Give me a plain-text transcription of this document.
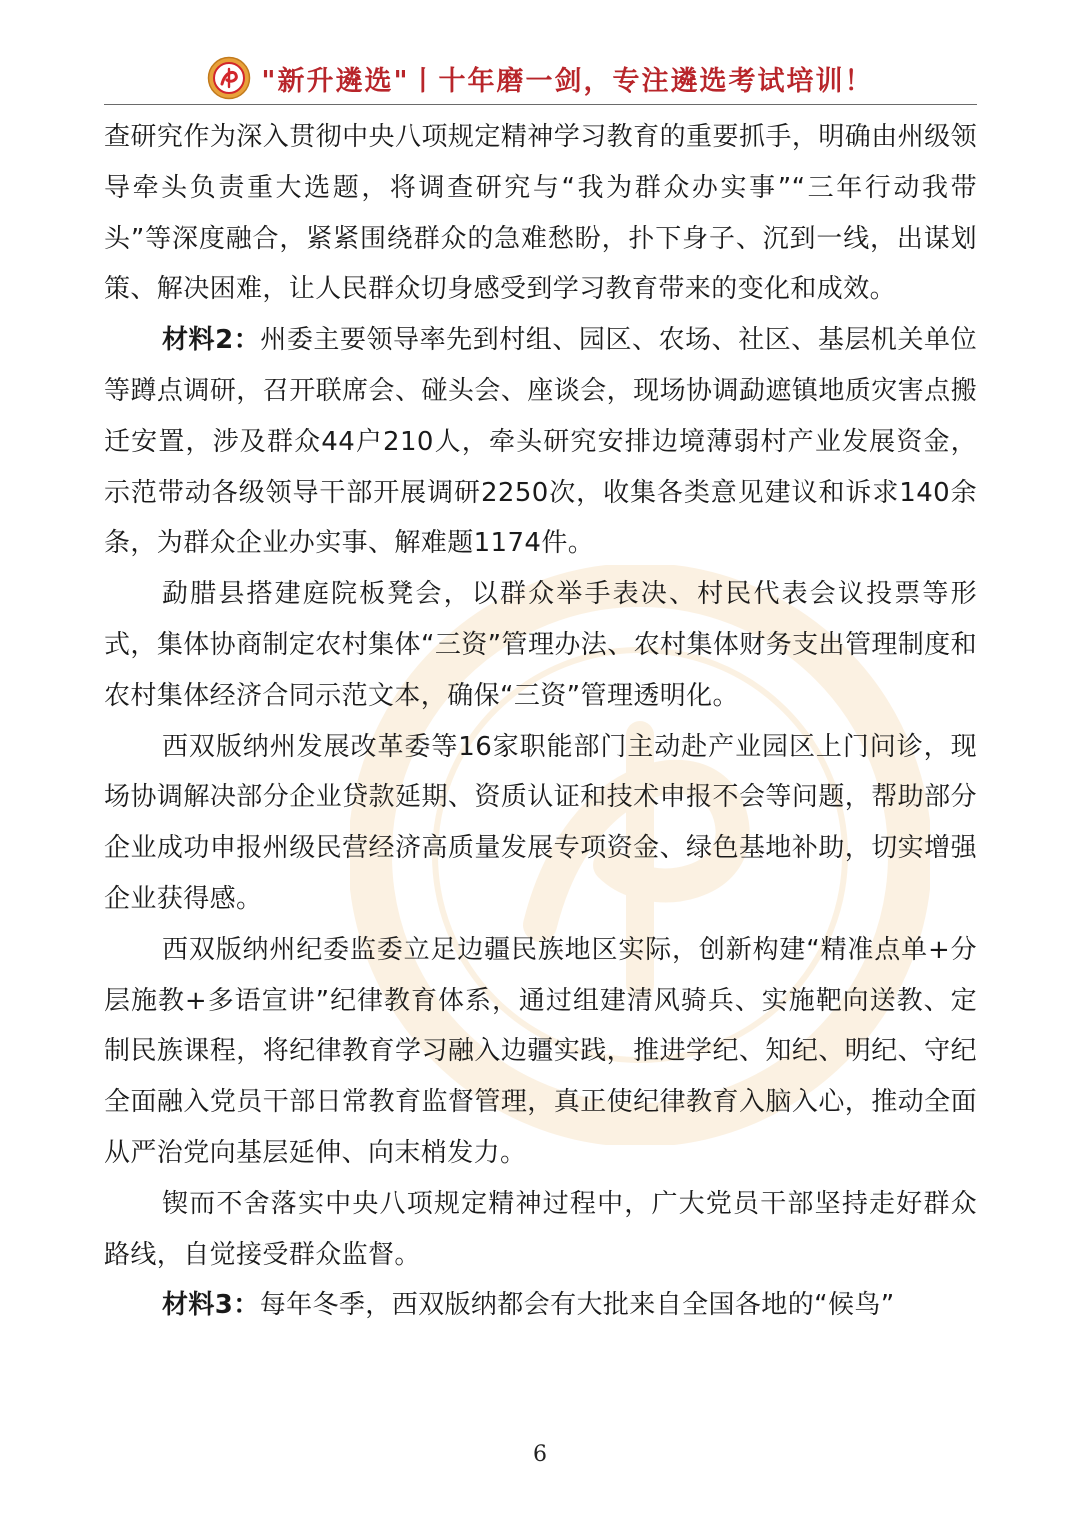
"新升遴选"丨十年磨一剑，专注遴选考试培训！

查研究作为深入贯彻中央八项规定精神学习教育的重要抓手，明确由州级领导牵头负责重大选题，将调查研究与“我为群众办实事”“三年行动我带头”等深度融合，紧紧围绕群众的急难愁盼，扑下身子、沉到一线，出谋划策、解决困难，让人民群众切身感受到学习教育带来的变化和成效。

材料2：州委主要领导率先到村组、园区、农场、社区、基层机关单位等蹲点调研，召开联席会、碰头会、座谈会，现场协调勐遮镇地质灾害点搬迁安置，涉及群众44户210人，牵头研究安排边境薄弱村产业发展资金，示范带动各级领导干部开展调研2250次，收集各类意见建议和诉求140余条，为群众企业办实事、解难题1174件。

勐腊县搭建庭院板凳会，以群众举手表决、村民代表会议投票等形式，集体协商制定农村集体“三资”管理办法、农村集体财务支出管理制度和农村集体经济合同示范文本，确保“三资”管理透明化。

西双版纳州发展改革委等16家职能部门主动赴产业园区上门问诊，现场协调解决部分企业贷款延期、资质认证和技术申报不会等问题，帮助部分企业成功申报州级民营经济高质量发展专项资金、绿色基地补助，切实增强企业获得感。

西双版纳州纪委监委立足边疆民族地区实际，创新构建“精准点单+分层施教+多语宣讲”纪律教育体系，通过组建清风骑兵、实施靶向送教、定制民族课程，将纪律教育学习融入边疆实践，推进学纪、知纪、明纪、守纪全面融入党员干部日常教育监督管理，真正使纪律教育入脑入心，推动全面从严治党向基层延伸、向末梢发力。

锲而不舍落实中央八项规定精神过程中，广大党员干部坚持走好群众路线，自觉接受群众监督。

材料3：每年冬季，西双版纳都会有大批来自全国各地的“候鸟”

6
